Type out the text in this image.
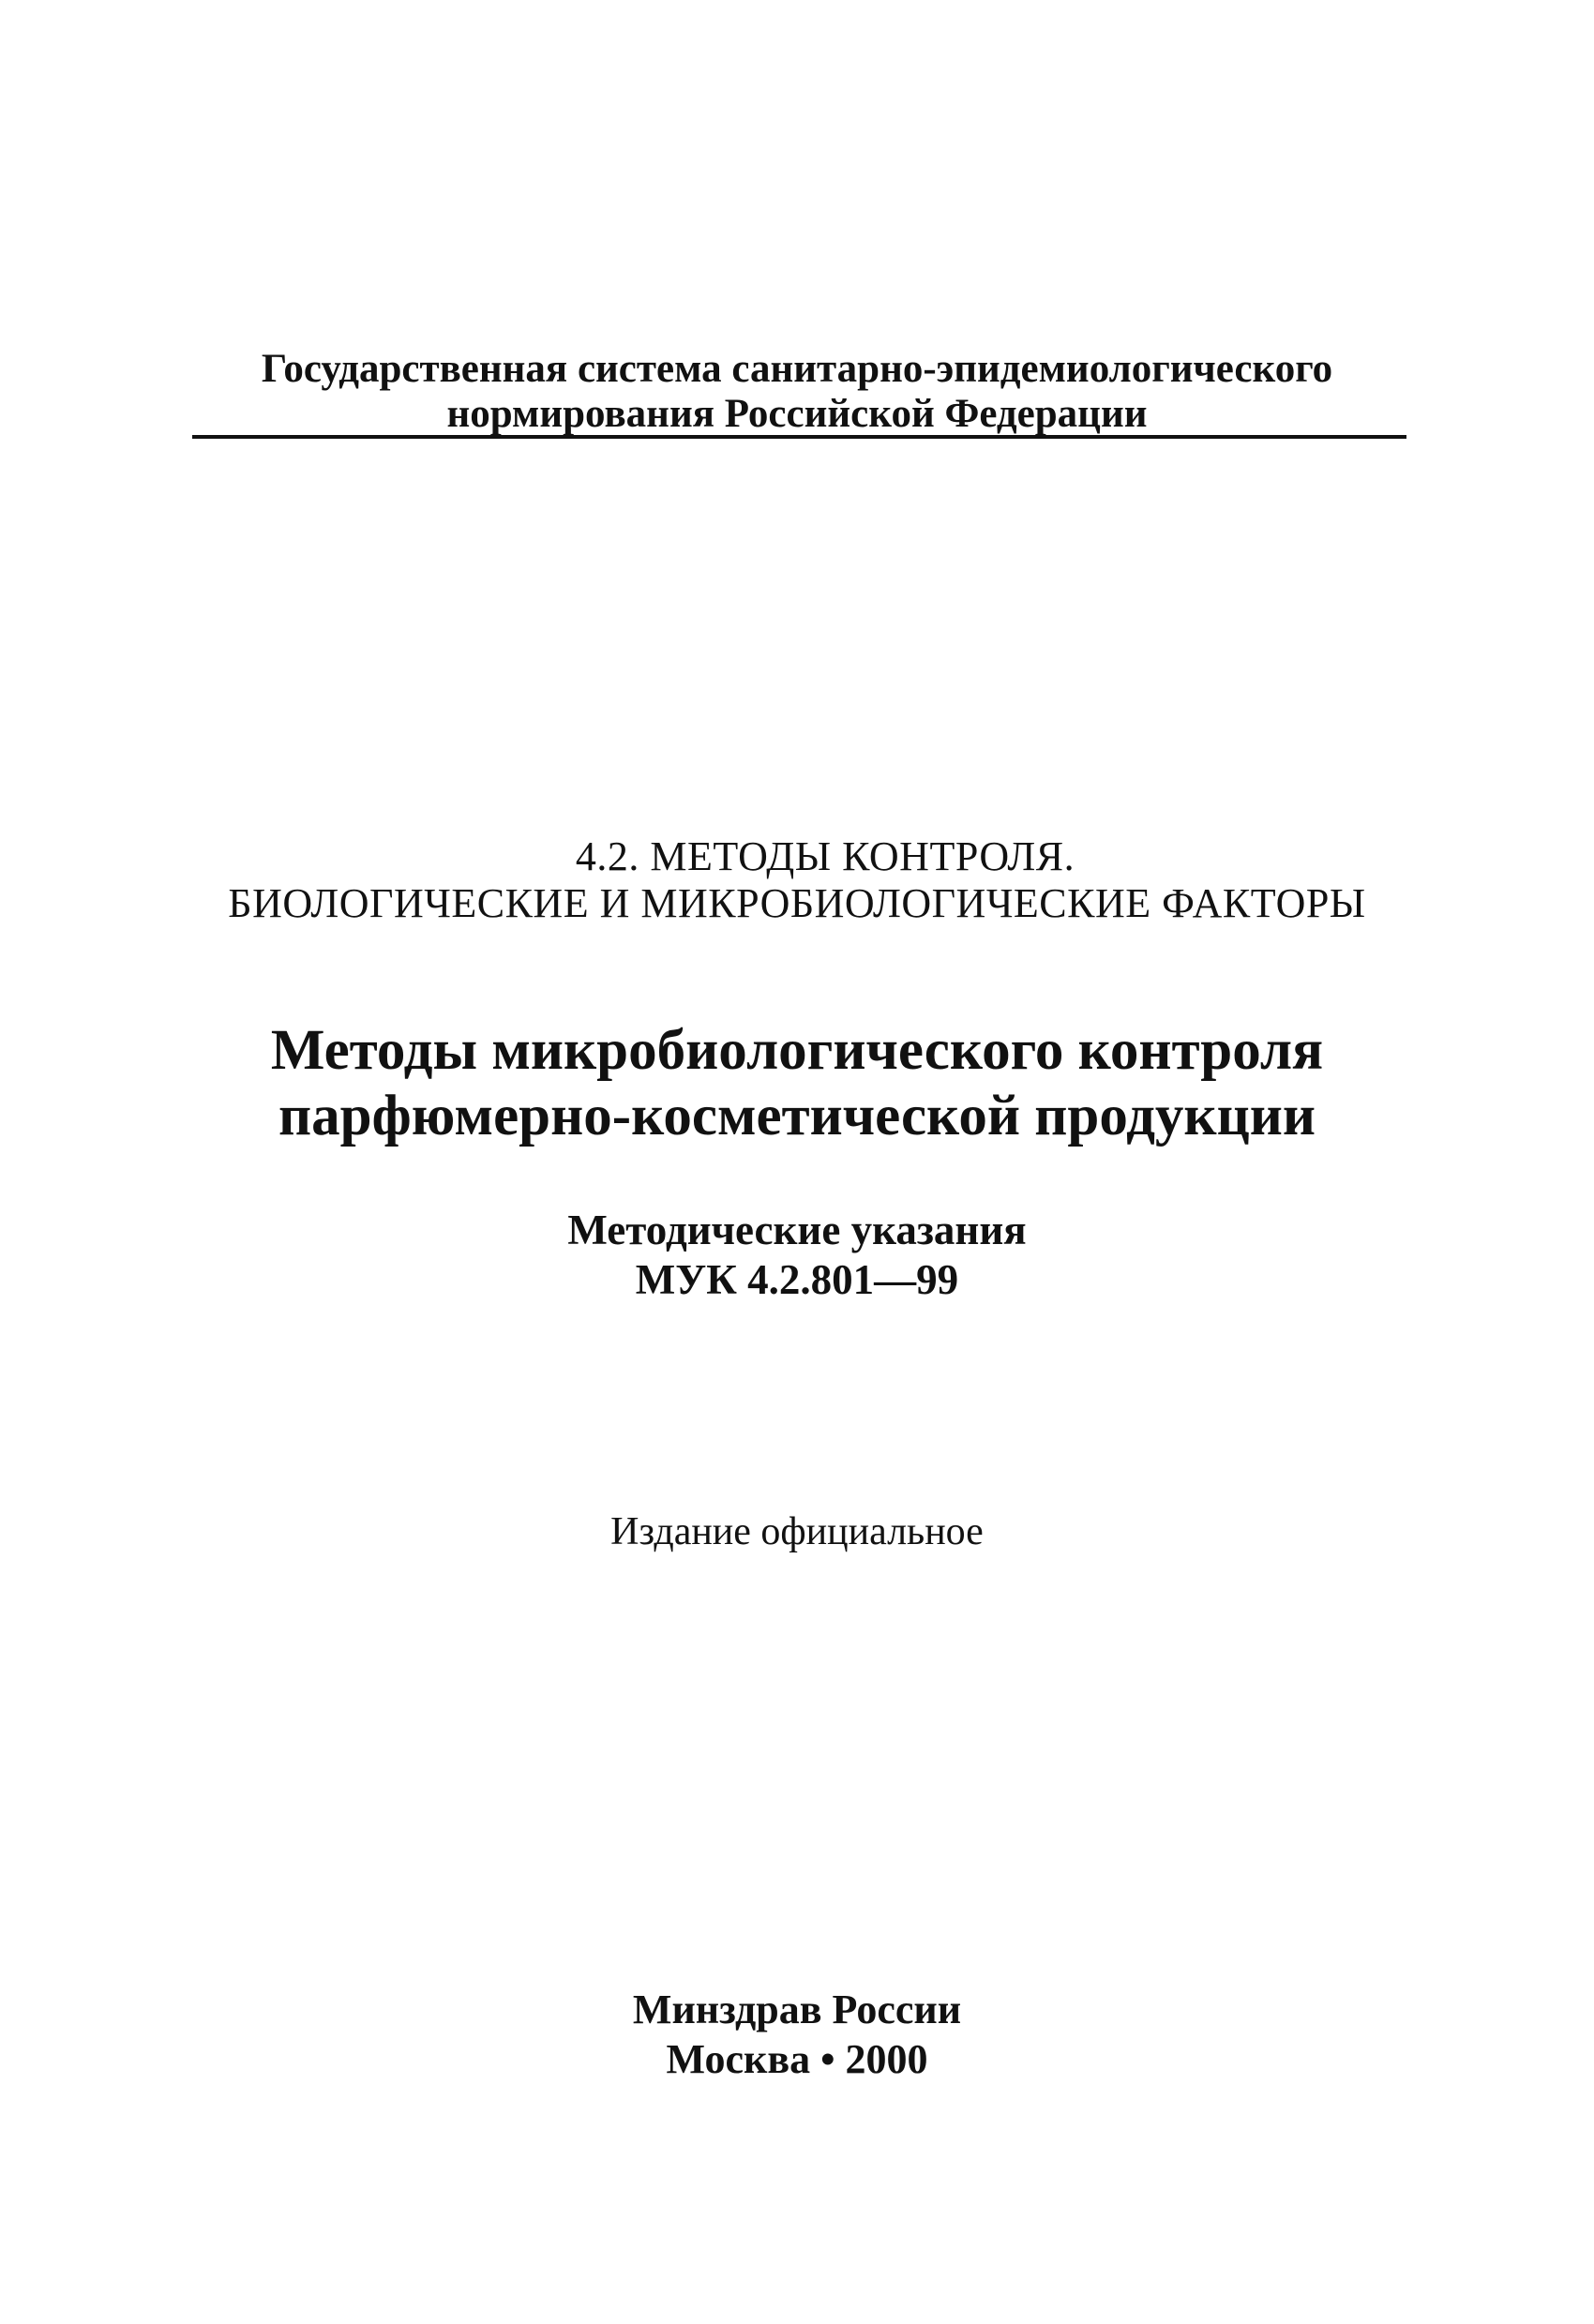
Государственная система санитарно-эпидемиологического
нормирования Российской Федерации
4.2. МЕТОДЫ КОНТРОЛЯ.
БИОЛОГИЧЕСКИЕ И МИКРОБИОЛОГИЧЕСКИЕ ФАКТОРЫ
Методы микробиологического контроля
парфюмерно-косметической продукции
Методические указания
МУК 4.2.801—99
Издание официальное
Минздрав России
Москва • 2000
